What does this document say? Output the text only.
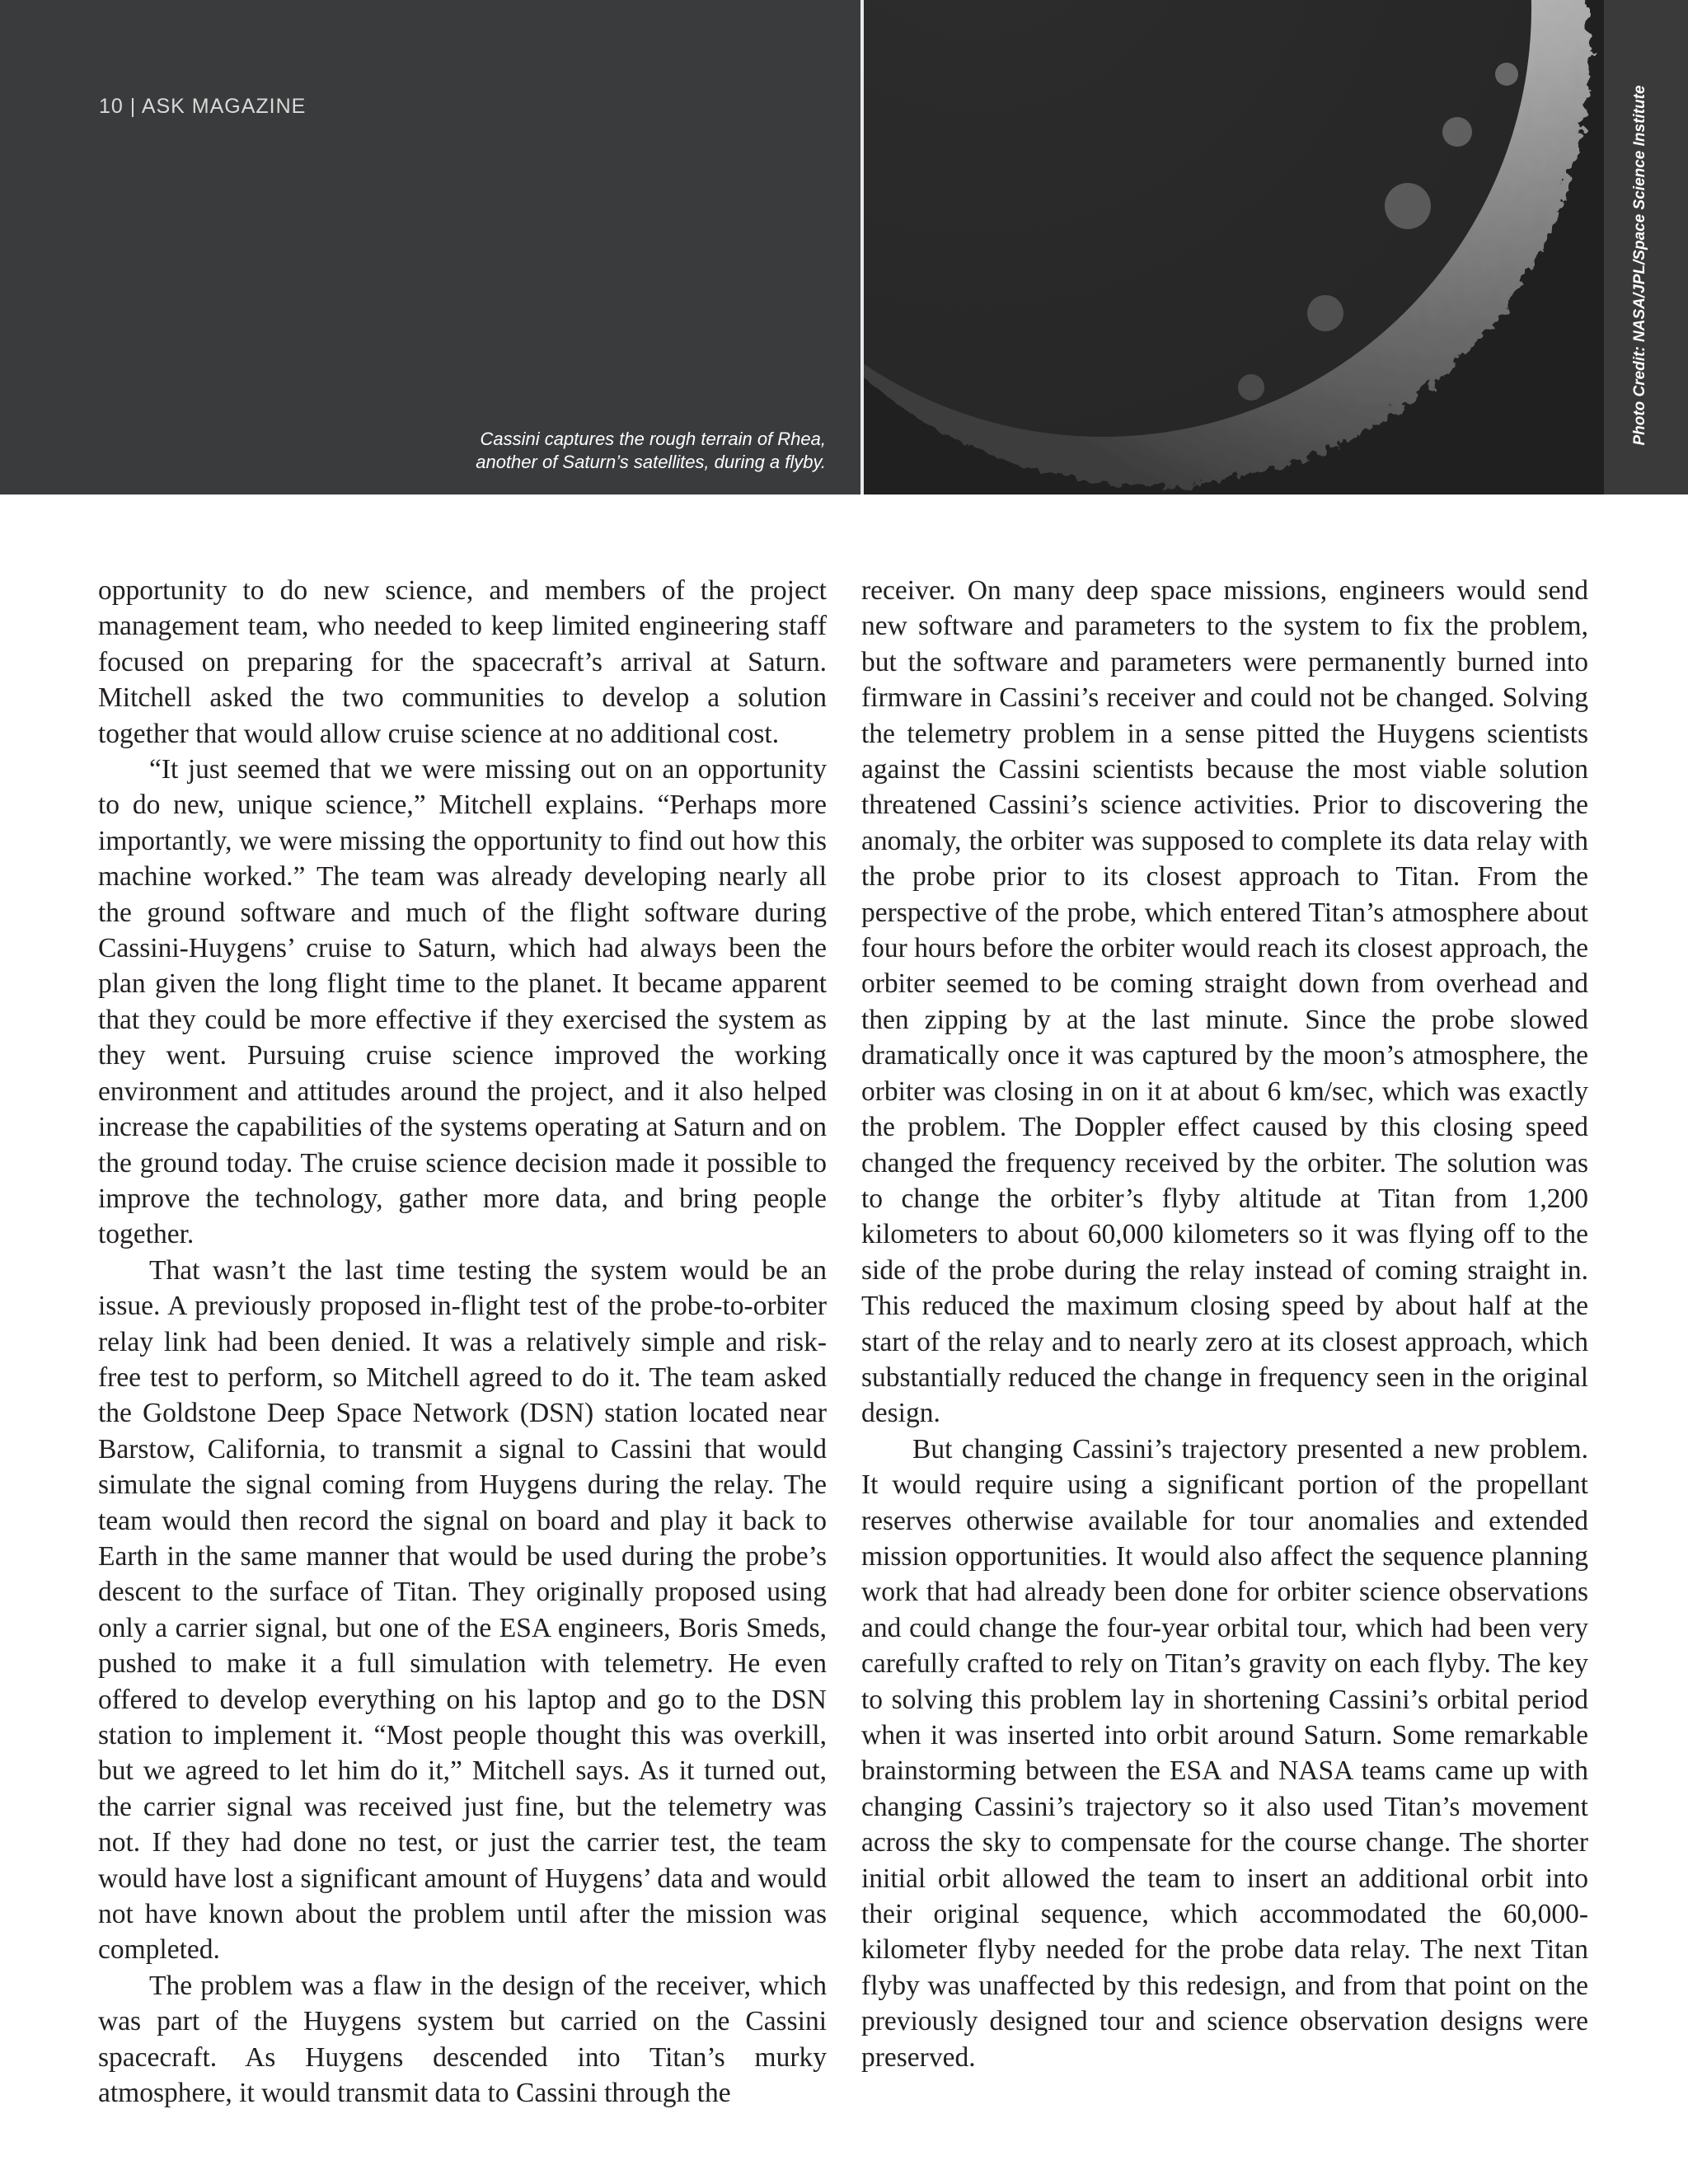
10 | ASK MAGAZINE
Cassini captures the rough terrain of Rhea,
another of Saturn’s satellites, during a flyby.
Photo Credit: NASA/JPL/Space Science Institute

opportunity to do new science, and members of the project management team, who needed to keep limited engineering staff focused on preparing for the spacecraft’s arrival at Saturn. Mitchell asked the two communities to develop a solution together that would allow cruise science at no additional cost.

“It just seemed that we were missing out on an opportunity to do new, unique science,” Mitchell explains. “Perhaps more importantly, we were missing the opportunity to find out how this machine worked.” The team was already developing nearly all the ground software and much of the flight software during Cassini-Huygens’ cruise to Saturn, which had always been the plan given the long flight time to the planet. It became apparent that they could be more effective if they exercised the system as they went. Pursuing cruise science improved the working environment and attitudes around the project, and it also helped increase the capabilities of the systems operating at Saturn and on the ground today. The cruise science decision made it possible to improve the technology, gather more data, and bring people together.

That wasn’t the last time testing the system would be an issue. A previously proposed in-flight test of the probe-to-orbiter relay link had been denied. It was a relatively simple and risk-free test to perform, so Mitchell agreed to do it. The team asked the Goldstone Deep Space Network (DSN) station located near Barstow, California, to transmit a signal to Cassini that would simulate the signal coming from Huygens during the relay. The team would then record the signal on board and play it back to Earth in the same manner that would be used during the probe’s descent to the surface of Titan. They originally proposed using only a carrier signal, but one of the ESA engineers, Boris Smeds, pushed to make it a full simulation with telemetry. He even offered to develop everything on his laptop and go to the DSN station to implement it. “Most people thought this was overkill, but we agreed to let him do it,” Mitchell says. As it turned out, the carrier signal was received just fine, but the telemetry was not. If they had done no test, or just the carrier test, the team would have lost a significant amount of Huygens’ data and would not have known about the problem until after the mission was completed.

The problem was a flaw in the design of the receiver, which was part of the Huygens system but carried on the Cassini spacecraft. As Huygens descended into Titan’s murky atmosphere, it would transmit data to Cassini through the

receiver. On many deep space missions, engineers would send new software and parameters to the system to fix the problem, but the software and parameters were permanently burned into firmware in Cassini’s receiver and could not be changed. Solving the telemetry problem in a sense pitted the Huygens scientists against the Cassini scientists because the most viable solution threatened Cassini’s science activities. Prior to discovering the anomaly, the orbiter was supposed to complete its data relay with the probe prior to its closest approach to Titan. From the perspective of the probe, which entered Titan’s atmosphere about four hours before the orbiter would reach its closest approach, the orbiter seemed to be coming straight down from overhead and then zipping by at the last minute. Since the probe slowed dramatically once it was captured by the moon’s atmosphere, the orbiter was closing in on it at about 6 km/sec, which was exactly the problem. The Doppler effect caused by this closing speed changed the frequency received by the orbiter. The solution was to change the orbiter’s flyby altitude at Titan from 1,200 kilometers to about 60,000 kilometers so it was flying off to the side of the probe during the relay instead of coming straight in. This reduced the maximum closing speed by about half at the start of the relay and to nearly zero at its closest approach, which substantially reduced the change in frequency seen in the original design.

But changing Cassini’s trajectory presented a new problem. It would require using a significant portion of the propellant reserves otherwise available for tour anomalies and extended mission opportunities. It would also affect the sequence planning work that had already been done for orbiter science observations and could change the four-year orbital tour, which had been very carefully crafted to rely on Titan’s gravity on each flyby. The key to solving this problem lay in shortening Cassini’s orbital period when it was inserted into orbit around Saturn. Some remarkable brainstorming between the ESA and NASA teams came up with changing Cassini’s trajectory so it also used Titan’s movement across the sky to compensate for the course change. The shorter initial orbit allowed the team to insert an additional orbit into their original sequence, which accommodated the 60,000-kilometer flyby needed for the probe data relay. The next Titan flyby was unaffected by this redesign, and from that point on the previously designed tour and science observation designs were preserved.
